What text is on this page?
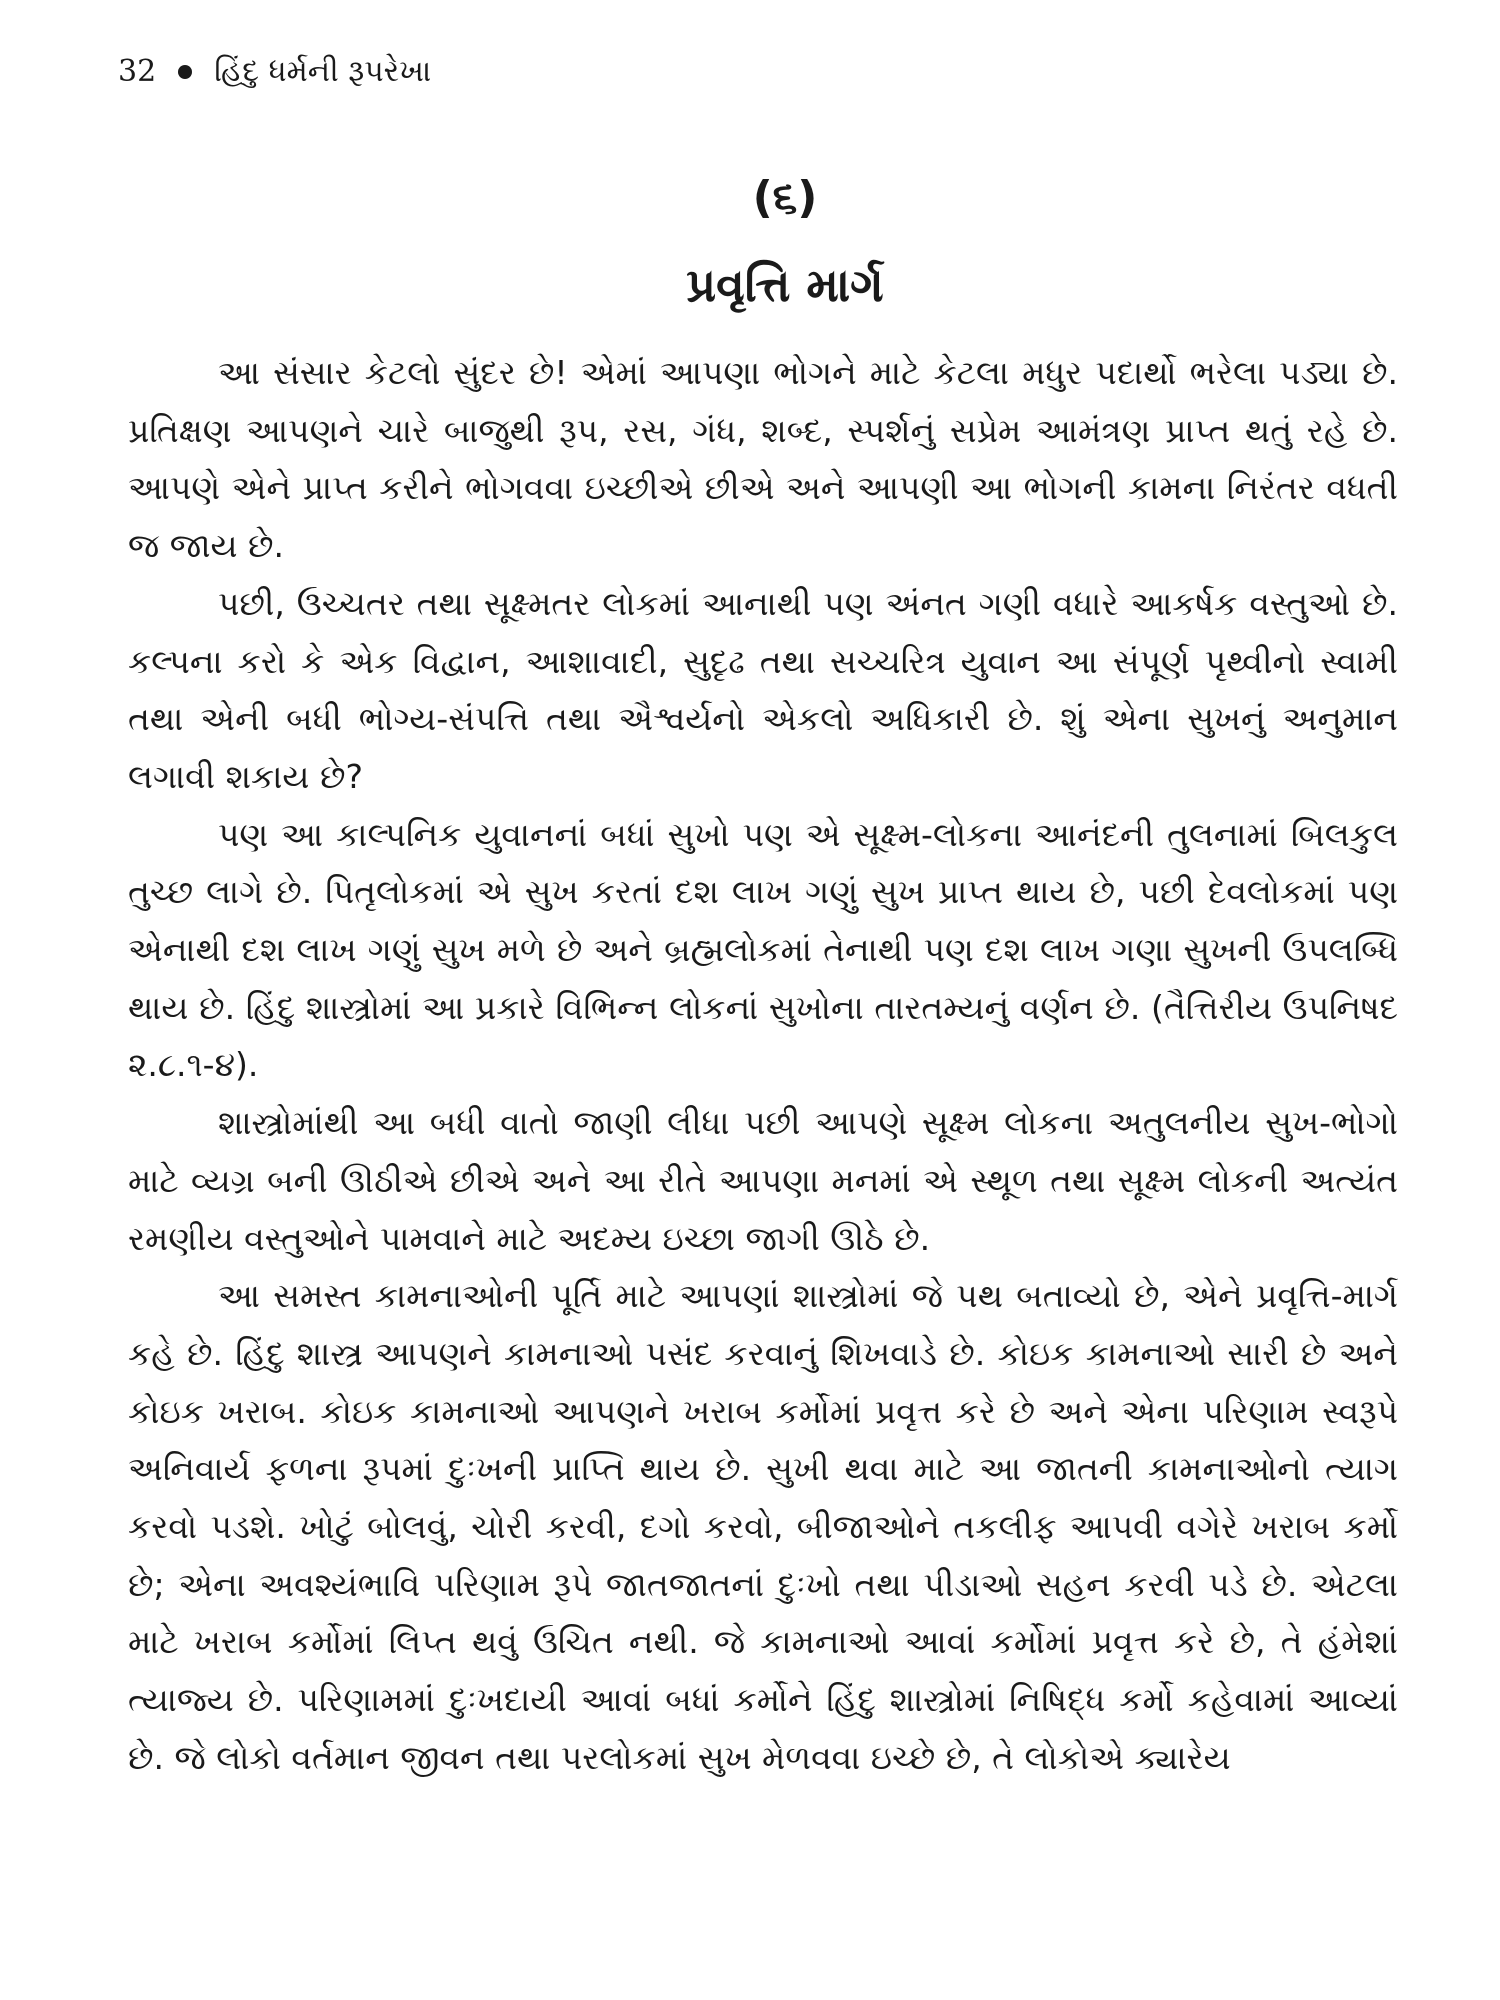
32 હિંદુ ધર્મની રૂપરેખા
(૬)
પ્રવૃત્તિ માર્ગ

આ સંસાર કેટલો સુંદર છે! એમાં આપણા ભોગને માટે કેટલા મધુર પદાર્થો ભરેલા પડ્યા છે. પ્રતિક્ષણ આપણને ચારે બાજુથી રૂપ, રસ, ગંધ, શબ્દ, સ્પર્શનું સપ્રેમ આમંત્રણ પ્રાપ્ત થતું રહે છે. આપણે એને પ્રાપ્ત કરીને ભોગવવા ઇચ્છીએ છીએ અને આપણી આ ભોગની કામના નિરંતર વધતી જ જાય છે.

પછી, ઉચ્ચતર તથા સૂક્ષ્મતર લોકમાં આનાથી પણ અંનત ગણી વધારે આકર્ષક વસ્તુઓ છે. કલ્પના કરો કે એક વિદ્વાન, આશાવાદી, સુદૃઢ તથા સચ્ચરિત્ર યુવાન આ સંપૂર્ણ પૃથ્વીનો સ્વામી તથા એની બધી ભોગ્ય-સંપત્તિ તથા ઐશ્વર્યનો એકલો અધિકારી છે. શું એના સુખનું અનુમાન લગાવી શકાય છે?

પણ આ કાલ્પનિક યુવાનનાં બધાં સુખો પણ એ સૂક્ષ્મ-લોકના આનંદની તુલનામાં બિલકુલ તુચ્છ લાગે છે. પિતૃલોકમાં એ સુખ કરતાં દશ લાખ ગણું સુખ પ્રાપ્ત થાય છે, પછી દેવલોકમાં પણ એનાથી દશ લાખ ગણું સુખ મળે છે અને બ્રહ્મલોકમાં તેનાથી પણ દશ લાખ ગણા સુખની ઉપલબ્ધિ થાય છે. હિંદુ શાસ્ત્રોમાં આ પ્રકારે વિભિન્ન લોકનાં સુખોના તારતમ્યનું વર્ણન છે. (તૈત્તિરીય ઉપનિષદ ૨.૮.૧-૪).

શાસ્ત્રોમાંથી આ બધી વાતો જાણી લીધા પછી આપણે સૂક્ષ્મ લોકના અતુલનીય સુખ-ભોગો માટે વ્યગ્ર બની ઊઠીએ છીએ અને આ રીતે આપણા મનમાં એ સ્થૂળ તથા સૂક્ષ્મ લોકની અત્યંત રમણીય વસ્તુઓને પામવાને માટે અદમ્ય ઇચ્છા જાગી ઊઠે છે.

આ સમસ્ત કામનાઓની પૂર્તિ માટે આપણાં શાસ્ત્રોમાં જે પથ બતાવ્યો છે, એને પ્રવૃત્તિ-માર્ગ કહે છે. હિંદુ શાસ્ત્ર આપણને કામનાઓ પસંદ કરવાનું શિખવાડે છે. કોઇક કામનાઓ સારી છે અને કોઇક ખરાબ. કોઇક કામનાઓ આપણને ખરાબ કર્મોમાં પ્રવૃત્ત કરે છે અને એના પરિણામ સ્વરૂપે અનિવાર્ય ફળના રૂપમાં દુઃખની પ્રાપ્તિ થાય છે. સુખી થવા માટે આ જાતની કામનાઓનો ત્યાગ કરવો પડશે. ખોટું બોલવું, ચોરી કરવી, દગો કરવો, બીજાઓને તકલીફ આપવી વગેરે ખરાબ કર્મો છે; એના અવશ્યંભાવિ પરિણામ રૂપે જાતજાતનાં દુઃખો તથા પીડાઓ સહન કરવી પડે છે. એટલા માટે ખરાબ કર્મોમાં લિપ્ત થવું ઉચિત નથી. જે કામનાઓ આવાં કર્મોમાં પ્રવૃત્ત કરે છે, તે હંમેશાં ત્યાજ્ય છે. પરિણામમાં દુઃખદાયી આવાં બધાં કર્મોને હિંદુ શાસ્ત્રોમાં નિષિદ્ધ કર્મો કહેવામાં આવ્યાં છે. જે લોકો વર્તમાન જીવન તથા પરલોકમાં સુખ મેળવવા ઇચ્છે છે, તે લોકોએ ક્યારેય
